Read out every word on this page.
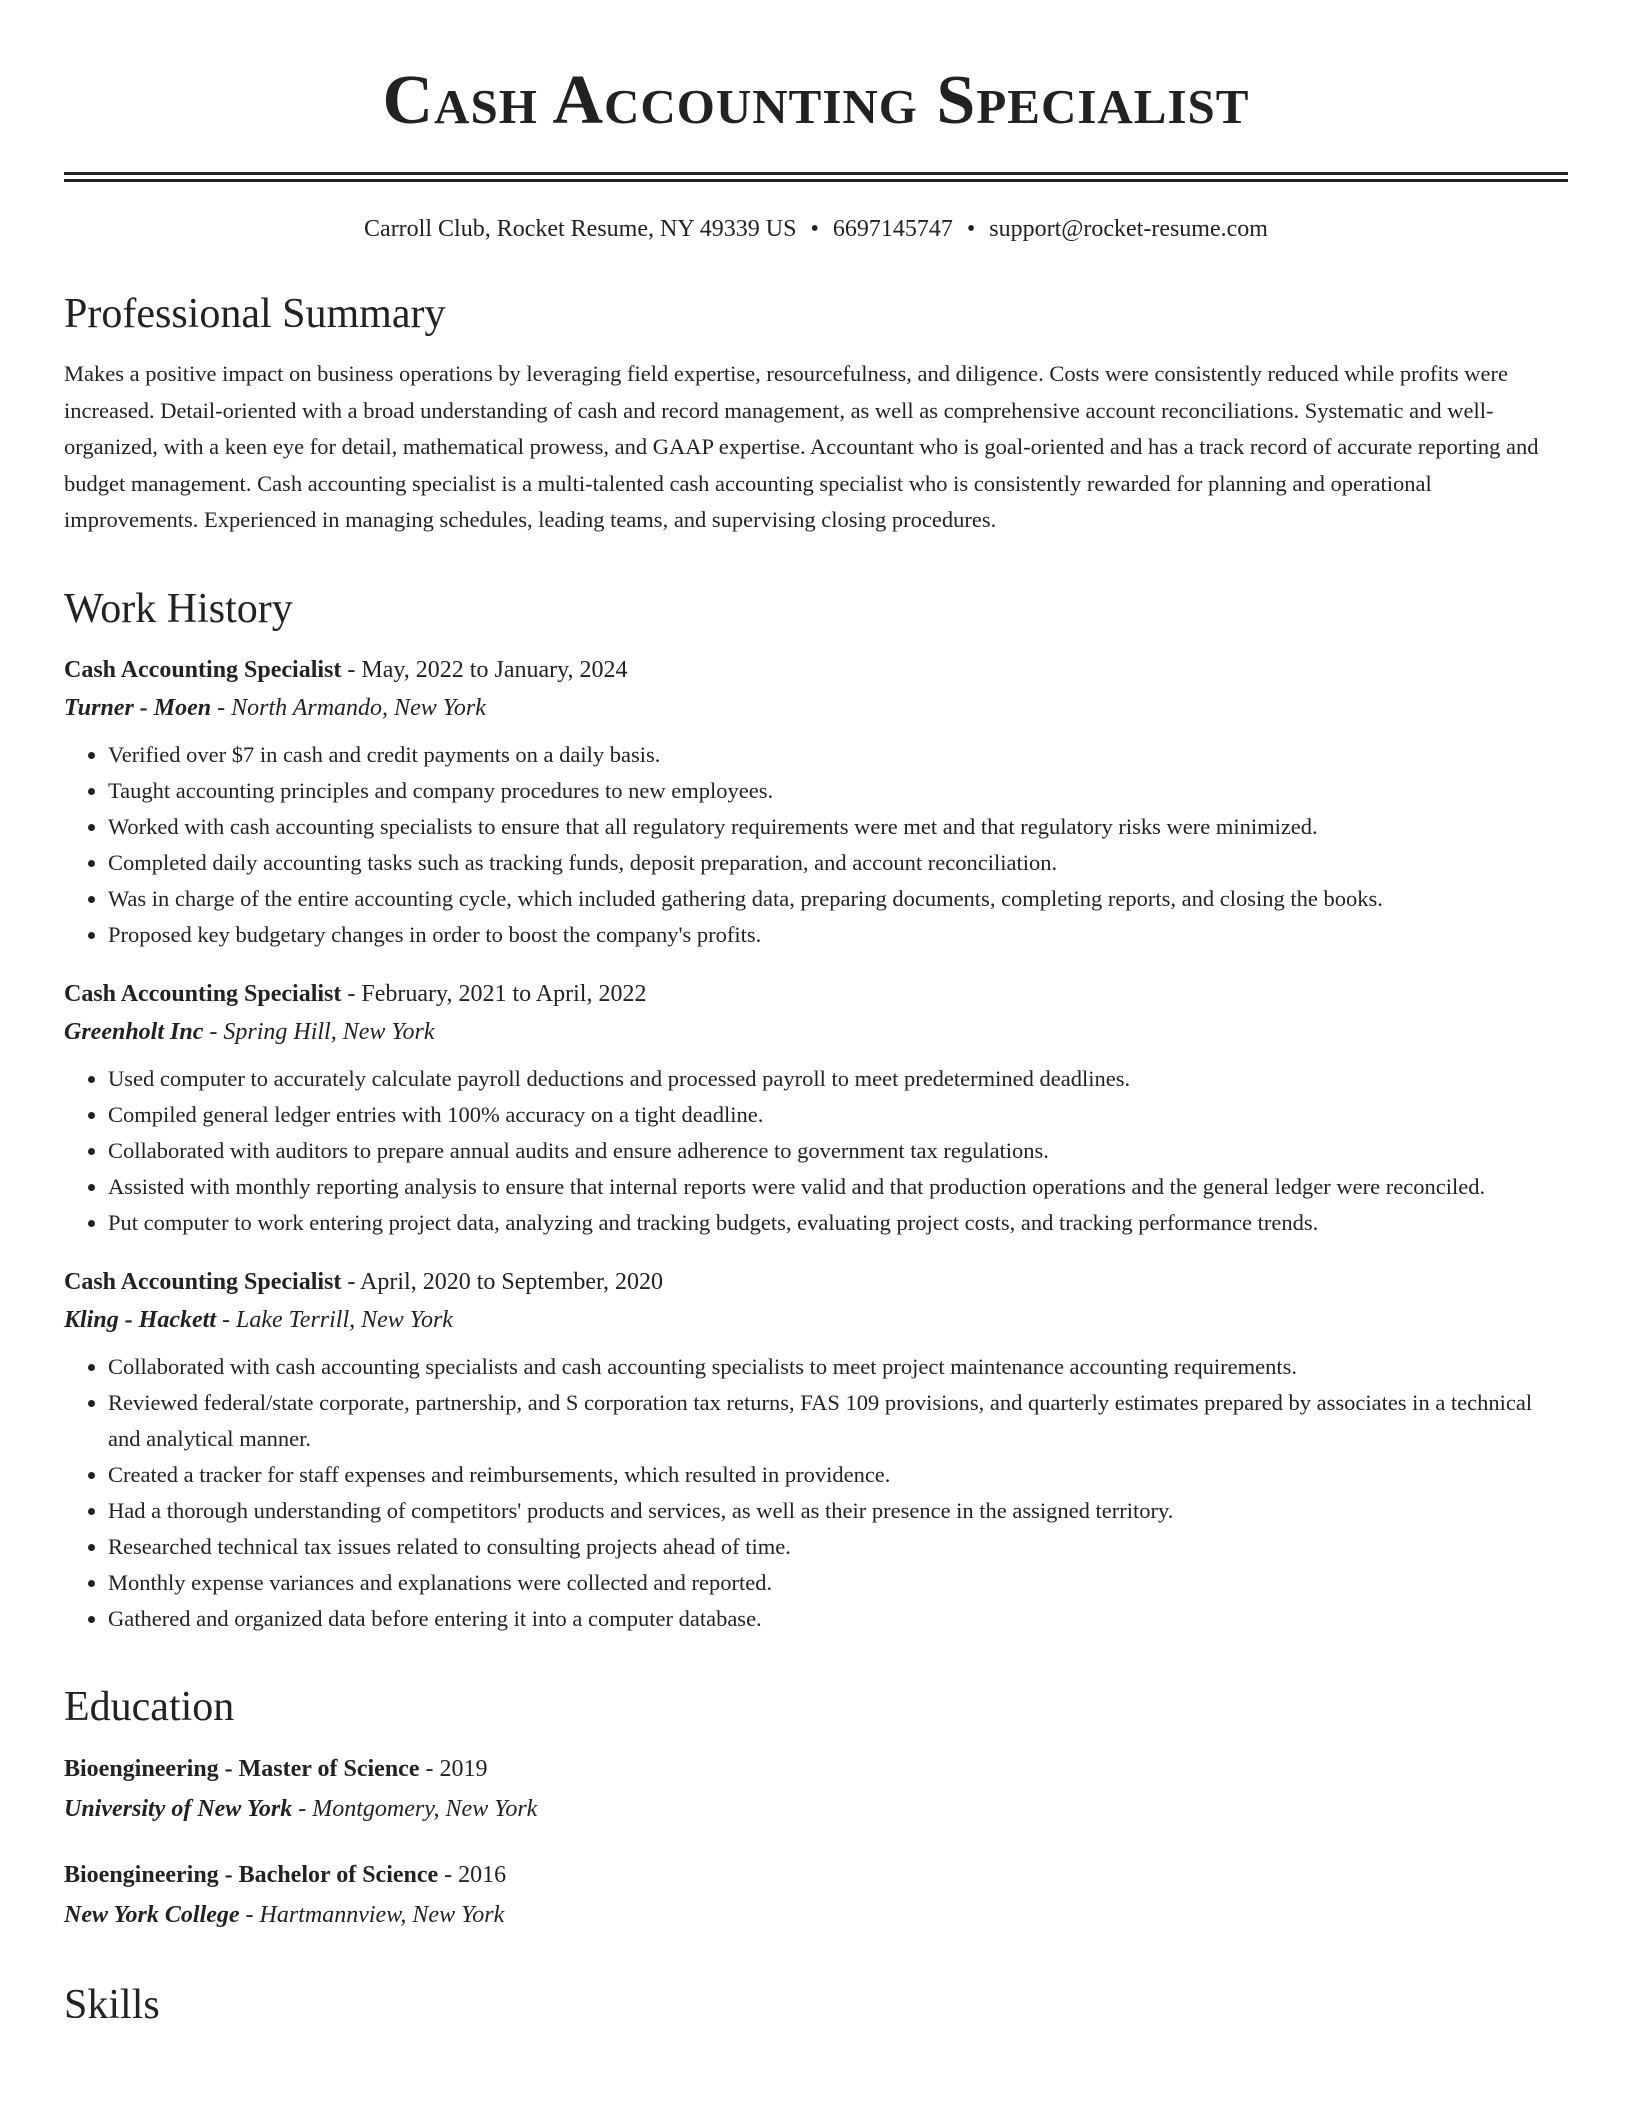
Cash Accounting Specialist
Carroll Club, Rocket Resume, NY 49339 US • 6697145747 • support@rocket-resume.com
Professional Summary

Makes a positive impact on business operations by leveraging field expertise, resourcefulness, and diligence. Costs were consistently reduced while profits were increased. Detail-oriented with a broad understanding of cash and record management, as well as comprehensive account reconciliations. Systematic and well-organized, with a keen eye for detail, mathematical prowess, and GAAP expertise. Accountant who is goal-oriented and has a track record of accurate reporting and budget management. Cash accounting specialist is a multi-talented cash accounting specialist who is consistently rewarded for planning and operational improvements. Experienced in managing schedules, leading teams, and supervising closing procedures.

Work History
Cash Accounting Specialist - May, 2022 to January, 2024
Turner - Moen - North Armando, New York
• Verified over $7 in cash and credit payments on a daily basis.
• Taught accounting principles and company procedures to new employees.
• Worked with cash accounting specialists to ensure that all regulatory requirements were met and that regulatory risks were minimized.
• Completed daily accounting tasks such as tracking funds, deposit preparation, and account reconciliation.
• Was in charge of the entire accounting cycle, which included gathering data, preparing documents, completing reports, and closing the books.
• Proposed key budgetary changes in order to boost the company's profits.
Cash Accounting Specialist - February, 2021 to April, 2022
Greenholt Inc - Spring Hill, New York
• Used computer to accurately calculate payroll deductions and processed payroll to meet predetermined deadlines.
• Compiled general ledger entries with 100% accuracy on a tight deadline.
• Collaborated with auditors to prepare annual audits and ensure adherence to government tax regulations.
• Assisted with monthly reporting analysis to ensure that internal reports were valid and that production operations and the general ledger were reconciled.
• Put computer to work entering project data, analyzing and tracking budgets, evaluating project costs, and tracking performance trends.
Cash Accounting Specialist - April, 2020 to September, 2020
Kling - Hackett - Lake Terrill, New York
• Collaborated with cash accounting specialists and cash accounting specialists to meet project maintenance accounting requirements.
• Reviewed federal/state corporate, partnership, and S corporation tax returns, FAS 109 provisions, and quarterly estimates prepared by associates in a technical and analytical manner.
• Created a tracker for staff expenses and reimbursements, which resulted in providence.
• Had a thorough understanding of competitors' products and services, as well as their presence in the assigned territory.
• Researched technical tax issues related to consulting projects ahead of time.
• Monthly expense variances and explanations were collected and reported.
• Gathered and organized data before entering it into a computer database.
Education
Bioengineering - Master of Science - 2019
University of New York - Montgomery, New York
Bioengineering - Bachelor of Science - 2016
New York College - Hartmannview, New York
Skills
